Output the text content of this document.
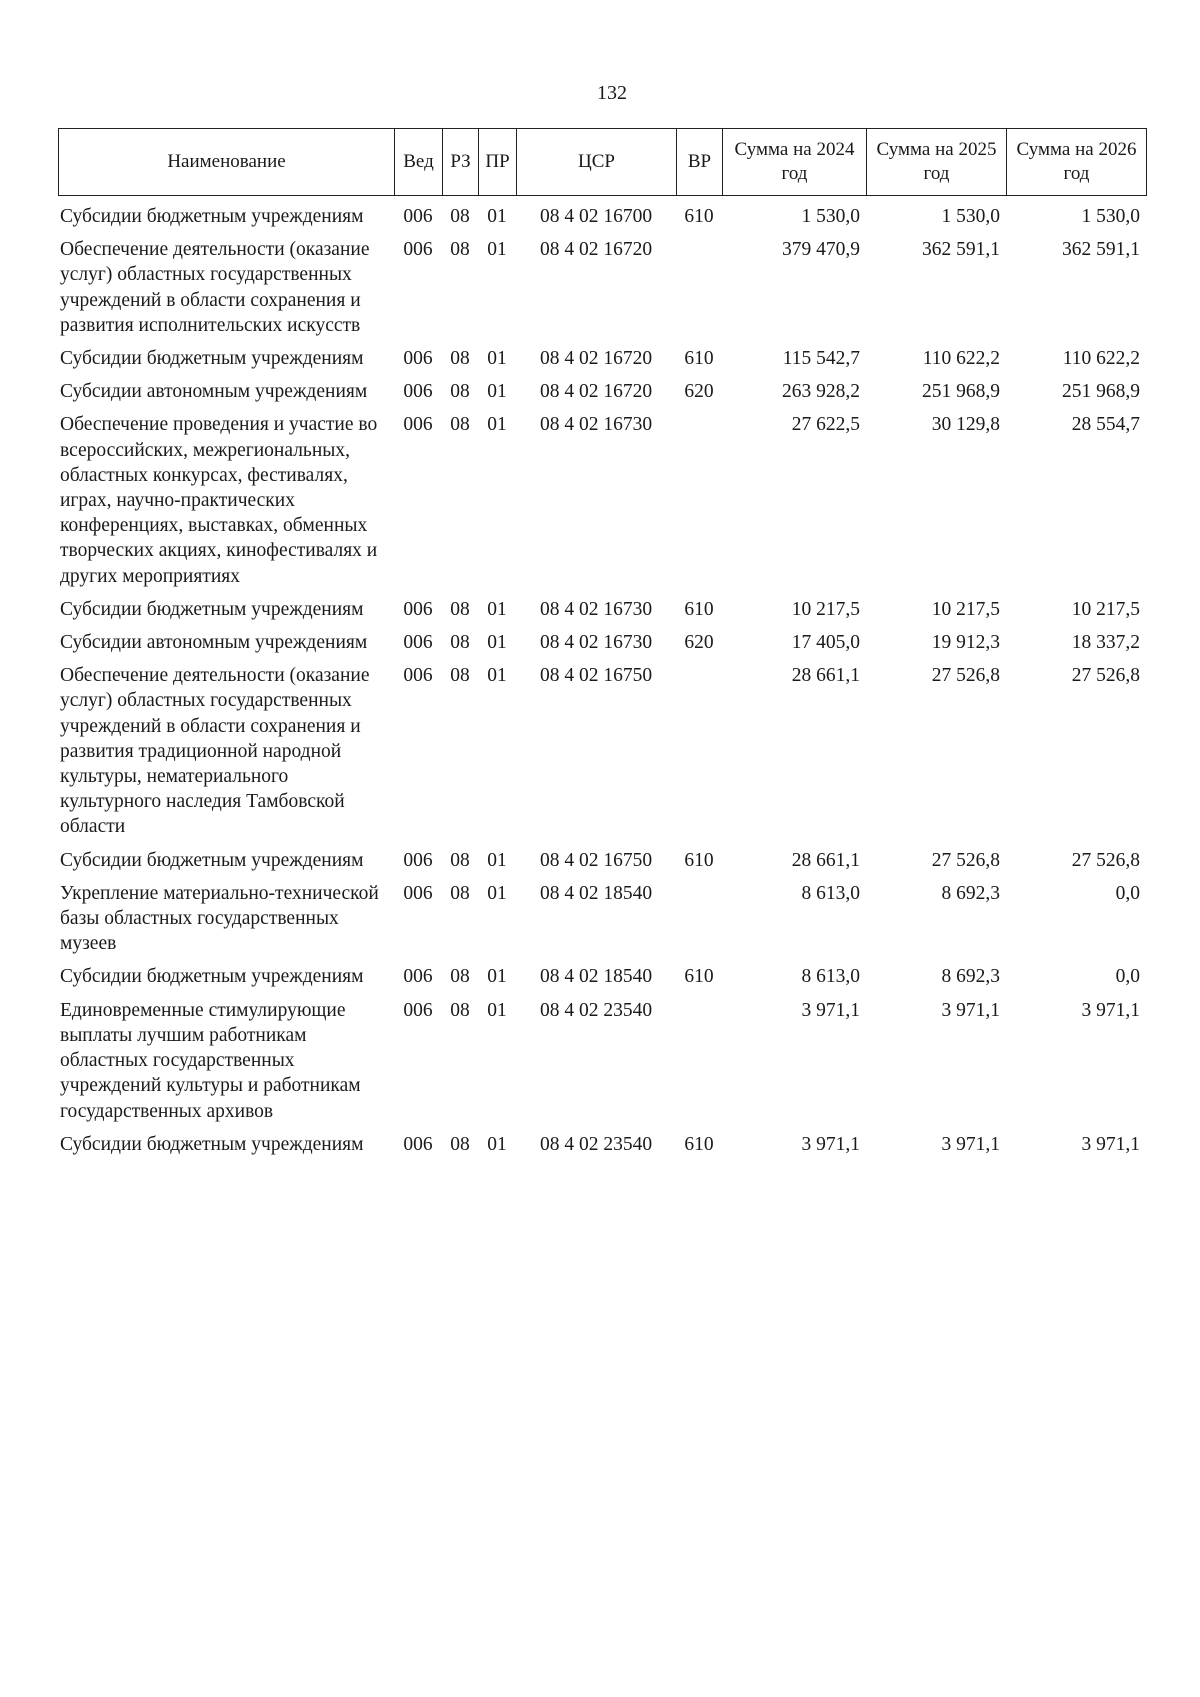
132
Наименование	Вед	РЗ	ПР	ЦСР	ВР	Сумма на 2024 год	Сумма на 2025 год	Сумма на 2026 год
Субсидии бюджетным учреждениям	006	08	01	08 4 02 16700	610	1 530,0	1 530,0	1 530,0
Обеспечение деятельности (оказание услуг) областных государственных учреждений в области сохранения и развития исполнительских искусств	006	08	01	08 4 02 16720		379 470,9	362 591,1	362 591,1
Субсидии бюджетным учреждениям	006	08	01	08 4 02 16720	610	115 542,7	110 622,2	110 622,2
Субсидии автономным учреждениям	006	08	01	08 4 02 16720	620	263 928,2	251 968,9	251 968,9
Обеспечение проведения и участие во всероссийских, межрегиональных, областных конкурсах, фестивалях, играх, научно-практических конференциях, выставках, обменных творческих акциях, кинофестивалях и других мероприятиях	006	08	01	08 4 02 16730		27 622,5	30 129,8	28 554,7
Субсидии бюджетным учреждениям	006	08	01	08 4 02 16730	610	10 217,5	10 217,5	10 217,5
Субсидии автономным учреждениям	006	08	01	08 4 02 16730	620	17 405,0	19 912,3	18 337,2
Обеспечение деятельности (оказание услуг) областных государственных учреждений в области сохранения и развития традиционной народной культуры, нематериального культурного наследия Тамбовской области	006	08	01	08 4 02 16750		28 661,1	27 526,8	27 526,8
Субсидии бюджетным учреждениям	006	08	01	08 4 02 16750	610	28 661,1	27 526,8	27 526,8
Укрепление материально-технической базы областных государственных музеев	006	08	01	08 4 02 18540		8 613,0	8 692,3	0,0
Субсидии бюджетным учреждениям	006	08	01	08 4 02 18540	610	8 613,0	8 692,3	0,0
Единовременные стимулирующие выплаты лучшим работникам областных государственных учреждений культуры и работникам государственных архивов	006	08	01	08 4 02 23540		3 971,1	3 971,1	3 971,1
Субсидии бюджетным учреждениям	006	08	01	08 4 02 23540	610	3 971,1	3 971,1	3 971,1
